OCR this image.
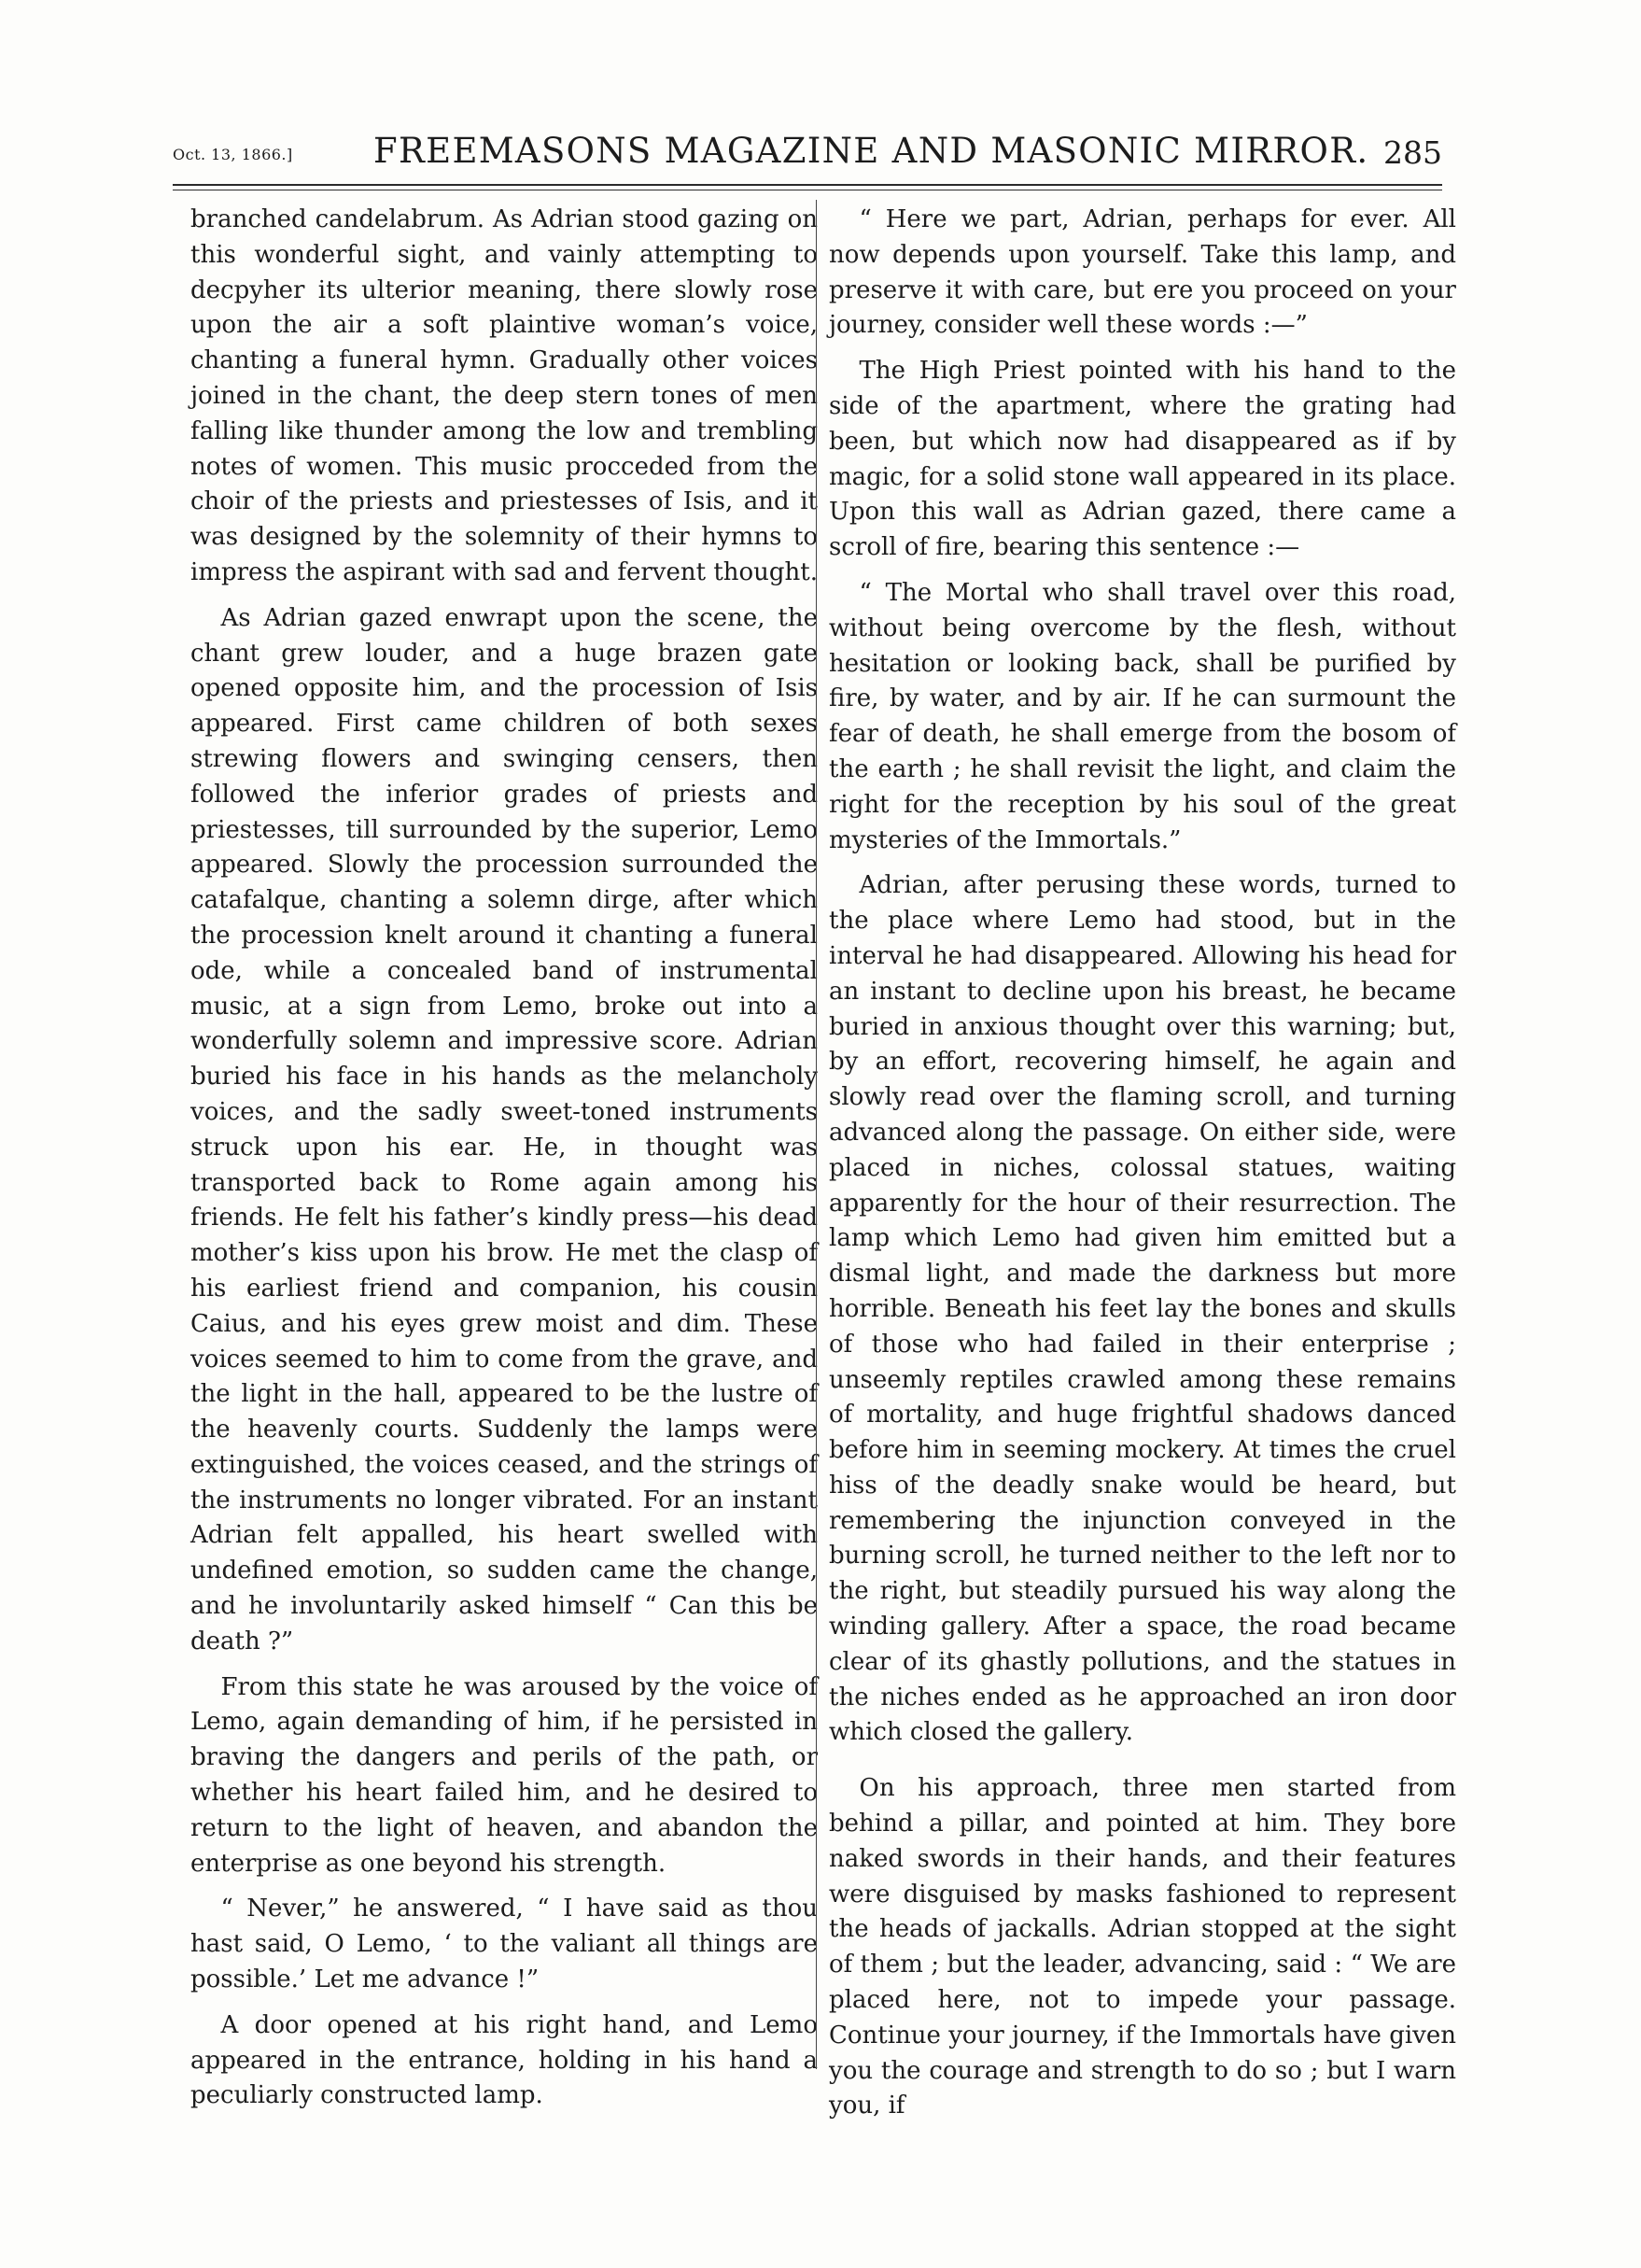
Oct. 13, 1866.] FREEMASONS MAGAZINE AND MASONIC MIRROR. 285

branched candelabrum. As Adrian stood gazing on this wonderful sight, and vainly attempting to decpyher its ulterior meaning, there slowly rose upon the air a soft plaintive woman’s voice, chanting a funeral hymn. Gradually other voices joined in the chant, the deep stern tones of men falling like thunder among the low and trembling notes of women. This music procceded from the choir of the priests and priestesses of Isis, and it was designed by the solemnity of their hymns to impress the aspirant with sad and fervent thought.

As Adrian gazed enwrapt upon the scene, the chant grew louder, and a huge brazen gate opened opposite him, and the procession of Isis appeared. First came children of both sexes strewing flowers and swinging censers, then followed the inferior grades of priests and priestesses, till surrounded by the superior, Lemo appeared. Slowly the procession surrounded the catafalque, chanting a solemn dirge, after which the procession knelt around it chanting a funeral ode, while a concealed band of instrumental music, at a sign from Lemo, broke out into a wonderfully solemn and impressive score. Adrian buried his face in his hands as the melancholy voices, and the sadly sweet-toned instruments struck upon his ear. He, in thought was transported back to Rome again among his friends. He felt his father’s kindly press—his dead mother’s kiss upon his brow. He met the clasp of his earliest friend and companion, his cousin Caius, and his eyes grew moist and dim. These voices seemed to him to come from the grave, and the light in the hall, appeared to be the lustre of the heavenly courts. Suddenly the lamps were extinguished, the voices ceased, and the strings of the instruments no longer vibrated. For an instant Adrian felt appalled, his heart swelled with undefined emotion, so sudden came the change, and he involuntarily asked himself “ Can this be death ?”

From this state he was aroused by the voice of Lemo, again demanding of him, if he persisted in braving the dangers and perils of the path, or whether his heart failed him, and he desired to return to the light of heaven, and abandon the enterprise as one beyond his strength.

“ Never,” he answered, “ I have said as thou hast said, O Lemo, ‘ to the valiant all things are possible.’ Let me advance !”

A door opened at his right hand, and Lemo appeared in the entrance, holding in his hand a peculiarly constructed lamp.

“ Here we part, Adrian, perhaps for ever. All now depends upon yourself. Take this lamp, and preserve it with care, but ere you proceed on your journey, consider well these words :—”

The High Priest pointed with his hand to the side of the apartment, where the grating had been, but which now had disappeared as if by magic, for a solid stone wall appeared in its place. Upon this wall as Adrian gazed, there came a scroll of fire, bearing this sentence :—

“ The Mortal who shall travel over this road, without being overcome by the flesh, without hesitation or looking back, shall be purified by fire, by water, and by air. If he can surmount the fear of death, he shall emerge from the bosom of the earth ; he shall revisit the light, and claim the right for the reception by his soul of the great mysteries of the Immortals.”

Adrian, after perusing these words, turned to the place where Lemo had stood, but in the interval he had disappeared. Allowing his head for an instant to decline upon his breast, he became buried in anxious thought over this warning; but, by an effort, recovering himself, he again and slowly read over the flaming scroll, and turning advanced along the passage. On either side, were placed in niches, colossal statues, waiting apparently for the hour of their resurrection. The lamp which Lemo had given him emitted but a dismal light, and made the darkness but more horrible. Beneath his feet lay the bones and skulls of those who had failed in their enterprise ; unseemly reptiles crawled among these remains of mortality, and huge frightful shadows danced before him in seeming mockery. At times the cruel hiss of the deadly snake would be heard, but remembering the injunction conveyed in the burning scroll, he turned neither to the left nor to the right, but steadily pursued his way along the winding gallery. After a space, the road became clear of its ghastly pollutions, and the statues in the niches ended as he approached an iron door which closed the gallery.

On his approach, three men started from behind a pillar, and pointed at him. They bore naked swords in their hands, and their features were disguised by masks fashioned to represent the heads of jackalls. Adrian stopped at the sight of them ; but the leader, advancing, said : “ We are placed here, not to impede your passage. Continue your journey, if the Immortals have given you the courage and strength to do so ; but I warn you, if
